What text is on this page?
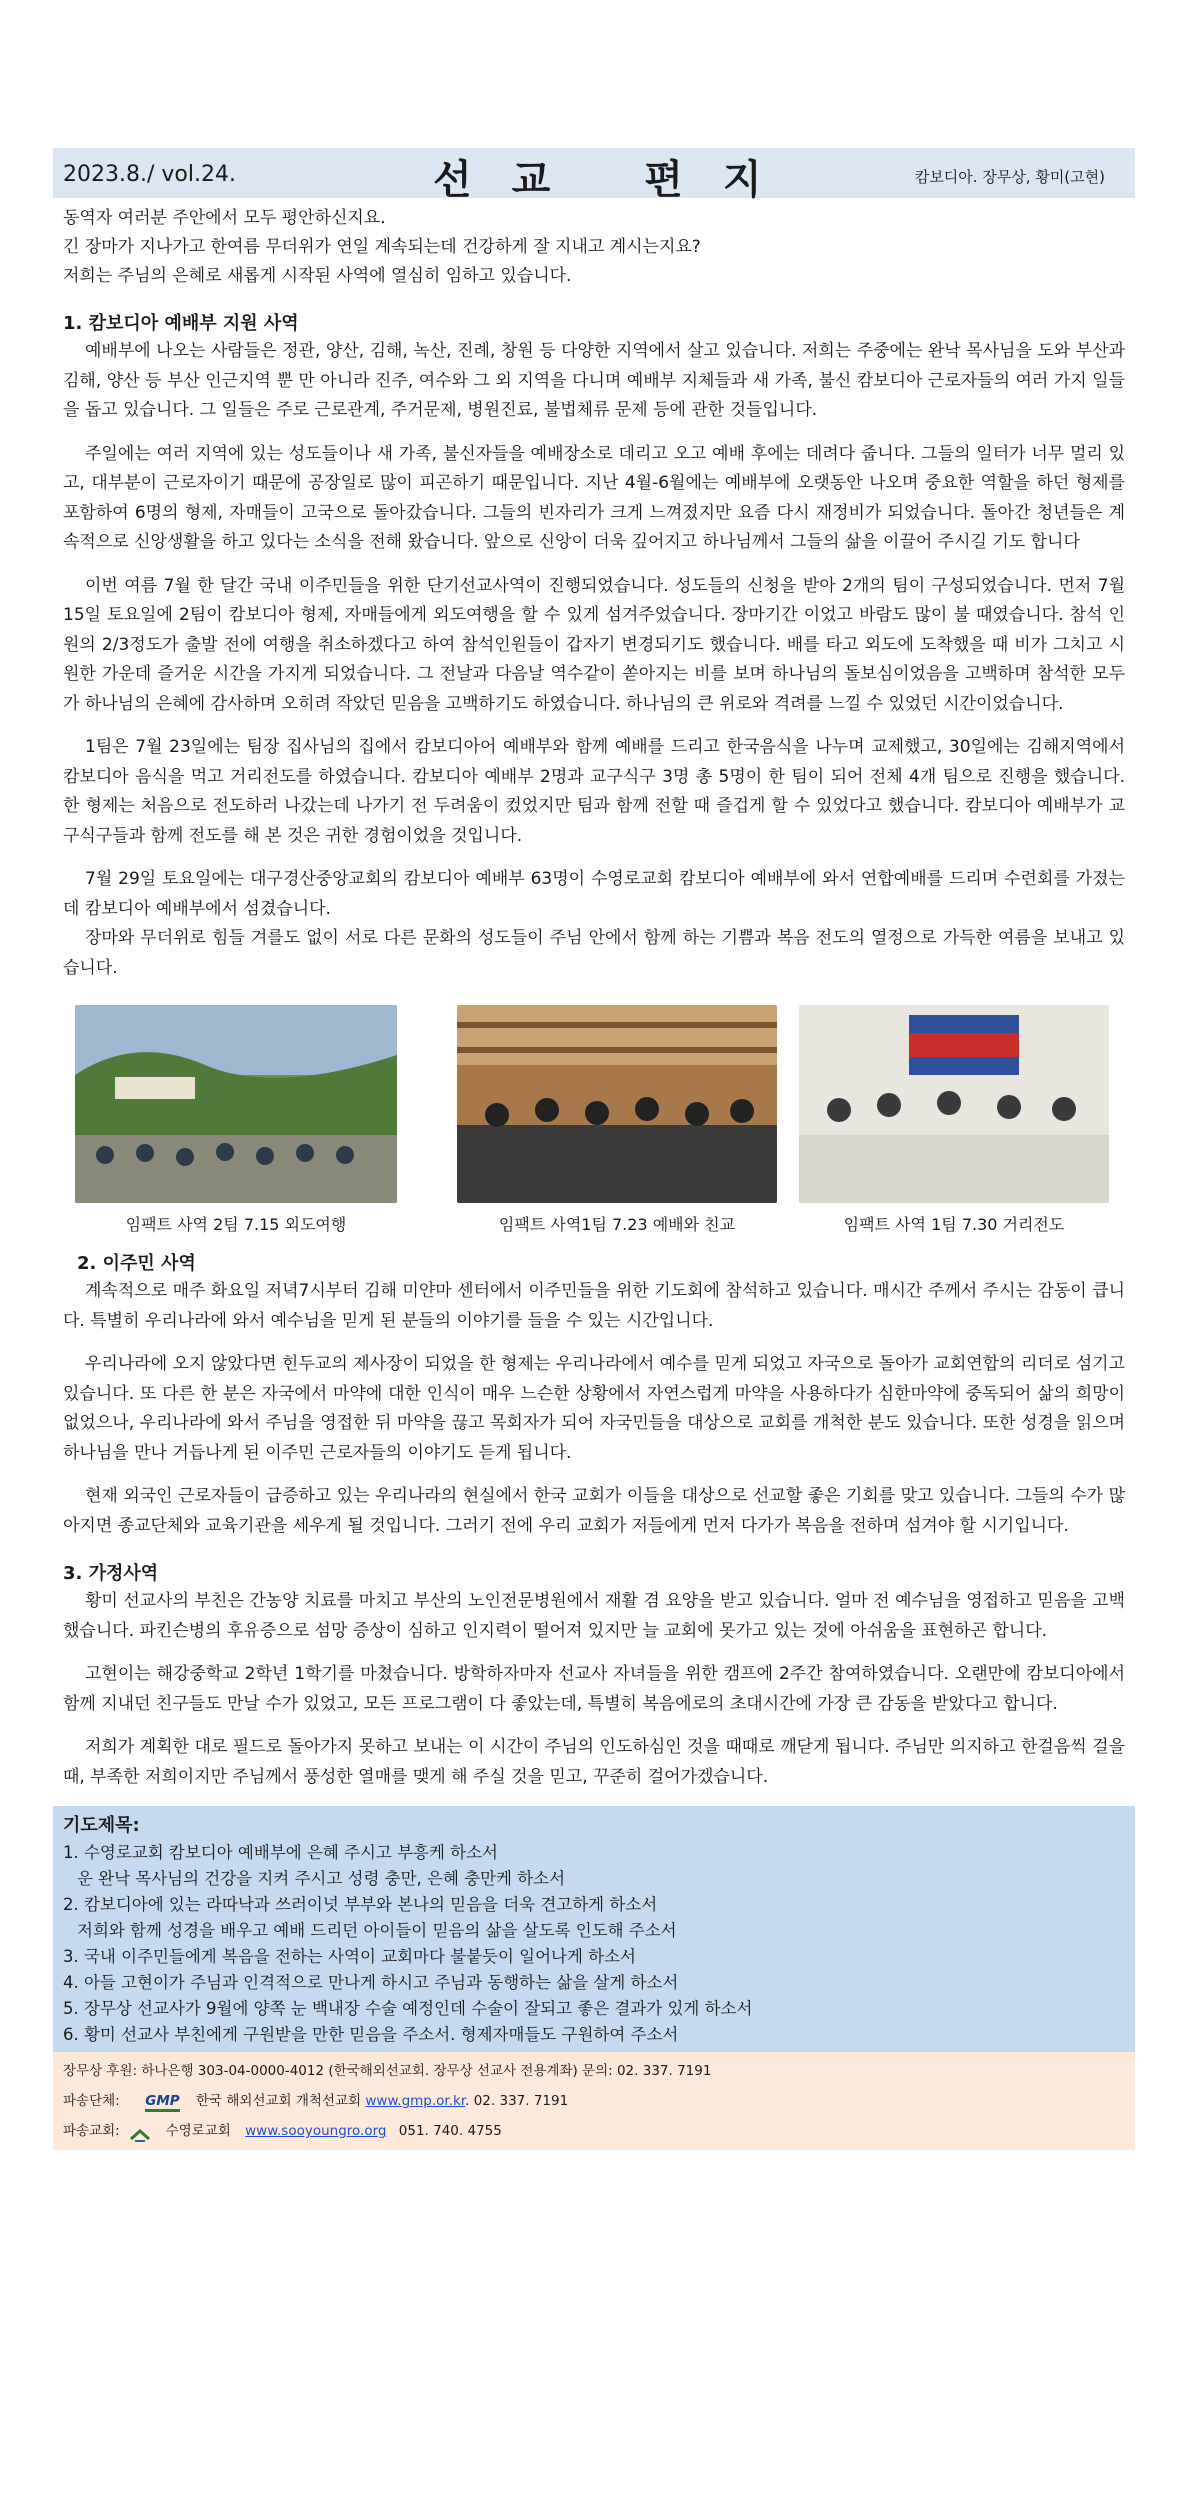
2023.8./ vol.24.	선교 편지	캄보디아. 장무상, 황미(고현)
동역자 여러분 주안에서 모두 평안하신지요.
긴 장마가 지나가고 한여름 무더위가 연일 계속되는데 건강하게 잘 지내고 계시는지요?
저희는 주님의 은혜로 새롭게 시작된 사역에 열심히 임하고 있습니다.
1. 캄보디아 예배부 지원 사역

예배부에 나오는 사람들은 정관, 양산, 김해, 녹산, 진례, 창원 등 다양한 지역에서 살고 있습니다. 저희는 주중에는 완낙 목사님을 도와 부산과 김해, 양산 등 부산 인근지역 뿐 만 아니라 진주, 여수와 그 외 지역을 다니며 예배부 지체들과 새 가족, 불신 캄보디아 근로자들의 여러 가지 일들을 돕고 있습니다. 그 일들은 주로 근로관계, 주거문제, 병원진료, 불법체류 문제 등에 관한 것들입니다.

주일에는 여러 지역에 있는 성도들이나 새 가족, 불신자들을 예배장소로 데리고 오고 예배 후에는 데려다 줍니다. 그들의 일터가 너무 멀리 있고, 대부분이 근로자이기 때문에 공장일로 많이 피곤하기 때문입니다. 지난 4월-6월에는 예배부에 오랫동안 나오며 중요한 역할을 하던 형제를 포함하여 6명의 형제, 자매들이 고국으로 돌아갔습니다. 그들의 빈자리가 크게 느껴졌지만 요즘 다시 재정비가 되었습니다. 돌아간 청년들은 계속적으로 신앙생활을 하고 있다는 소식을 전해 왔습니다. 앞으로 신앙이 더욱 깊어지고 하나님께서 그들의 삶을 이끌어 주시길 기도 합니다

이번 여름 7월 한 달간 국내 이주민들을 위한 단기선교사역이 진행되었습니다. 성도들의 신청을 받아 2개의 팀이 구성되었습니다. 먼저 7월 15일 토요일에 2팀이 캄보디아 형제, 자매들에게 외도여행을 할 수 있게 섬겨주었습니다. 장마기간 이었고 바람도 많이 불 때였습니다. 참석 인원의 2/3정도가 출발 전에 여행을 취소하겠다고 하여 참석인원들이 갑자기 변경되기도 했습니다. 배를 타고 외도에 도착했을 때 비가 그치고 시원한 가운데 즐거운 시간을 가지게 되었습니다. 그 전날과 다음날 역수같이 쏟아지는 비를 보며 하나님의 돌보심이었음을 고백하며 참석한 모두가 하나님의 은혜에 감사하며 오히려 작았던 믿음을 고백하기도 하였습니다. 하나님의 큰 위로와 격려를 느낄 수 있었던 시간이었습니다.

1팀은 7월 23일에는 팀장 집사님의 집에서 캄보디아어 예배부와 함께 예배를 드리고 한국음식을 나누며 교제했고, 30일에는 김해지역에서 캄보디아 음식을 먹고 거리전도를 하였습니다. 캄보디아 예배부 2명과 교구식구 3명 총 5명이 한 팀이 되어 전체 4개 팀으로 진행을 했습니다. 한 형제는 처음으로 전도하러 나갔는데 나가기 전 두려움이 컸었지만 팀과 함께 전할 때 즐겁게 할 수 있었다고 했습니다. 캄보디아 예배부가 교구식구들과 함께 전도를 해 본 것은 귀한 경험이었을 것입니다.

7월 29일 토요일에는 대구경산중앙교회의 캄보디아 예배부 63명이 수영로교회 캄보디아 예배부에 와서 연합예배를 드리며 수련회를 가졌는데 캄보디아 예배부에서 섬겼습니다.

장마와 무더위로 힘들 겨를도 없이 서로 다른 문화의 성도들이 주님 안에서 함께 하는 기쁨과 복음 전도의 열정으로 가득한 여름을 보내고 있습니다.

임팩트 사역 2팀 7.15 외도여행	임팩트 사역1팀 7.23 예배와 친교	임팩트 사역 1팀 7.30 거리전도
2. 이주민 사역

계속적으로 매주 화요일 저녁7시부터 김해 미얀마 센터에서 이주민들을 위한 기도회에 참석하고 있습니다. 매시간 주께서 주시는 감동이 큽니다. 특별히 우리나라에 와서 예수님을 믿게 된 분들의 이야기를 들을 수 있는 시간입니다.

우리나라에 오지 않았다면 힌두교의 제사장이 되었을 한 형제는 우리나라에서 예수를 믿게 되었고 자국으로 돌아가 교회연합의 리더로 섬기고 있습니다. 또 다른 한 분은 자국에서 마약에 대한 인식이 매우 느슨한 상황에서 자연스럽게 마약을 사용하다가 심한마약에 중독되어 삶의 희망이 없었으나, 우리나라에 와서 주님을 영접한 뒤 마약을 끊고 목회자가 되어 자국민들을 대상으로 교회를 개척한 분도 있습니다. 또한 성경을 읽으며 하나님을 만나 거듭나게 된 이주민 근로자들의 이야기도 듣게 됩니다.

현재 외국인 근로자들이 급증하고 있는 우리나라의 현실에서 한국 교회가 이들을 대상으로 선교할 좋은 기회를 맞고 있습니다. 그들의 수가 많아지면 종교단체와 교육기관을 세우게 될 것입니다. 그러기 전에 우리 교회가 저들에게 먼저 다가가 복음을 전하며 섬겨야 할 시기입니다.

3. 가정사역

황미 선교사의 부친은 간농양 치료를 마치고 부산의 노인전문병원에서 재활 겸 요양을 받고 있습니다. 얼마 전 예수님을 영접하고 믿음을 고백했습니다. 파킨슨병의 후유증으로 섬망 증상이 심하고 인지력이 떨어져 있지만 늘 교회에 못가고 있는 것에 아쉬움을 표현하곤 합니다.

고현이는 해강중학교 2학년 1학기를 마쳤습니다. 방학하자마자 선교사 자녀들을 위한 캠프에 2주간 참여하였습니다. 오랜만에 캄보디아에서 함께 지내던 친구들도 만날 수가 있었고, 모든 프로그램이 다 좋았는데, 특별히 복음에로의 초대시간에 가장 큰 감동을 받았다고 합니다.

저희가 계획한 대로 필드로 돌아가지 못하고 보내는 이 시간이 주님의 인도하심인 것을 때때로 깨닫게 됩니다. 주님만 의지하고 한걸음씩 걸을 때, 부족한 저희이지만 주님께서 풍성한 열매를 맺게 해 주실 것을 믿고, 꾸준히 걸어가겠습니다.

기도제목:
1. 수영로교회 캄보디아 예배부에 은혜 주시고 부흥케 하소서
운 완낙 목사님의 건강을 지켜 주시고 성령 충만, 은혜 충만케 하소서
2. 캄보디아에 있는 라따낙과 쓰러이넛 부부와 본나의 믿음을 더욱 견고하게 하소서
저희와 함께 성경을 배우고 예배 드리던 아이들이 믿음의 삶을 살도록 인도해 주소서
3. 국내 이주민들에게 복음을 전하는 사역이 교회마다 불붙듯이 일어나게 하소서
4. 아들 고현이가 주님과 인격적으로 만나게 하시고 주님과 동행하는 삶을 살게 하소서
5. 장무상 선교사가 9월에 양쪽 눈 백내장 수술 예정인데 수술이 잘되고 좋은 결과가 있게 하소서
6. 황미 선교사 부친에게 구원받을 만한 믿음을 주소서. 형제자매들도 구원하여 주소서
장무상 후원: 하나은행 303-04-0000-4012 (한국해외선교회. 장무상 선교사 전용계좌) 문의: 02. 337. 7191
파송단체: GMP 한국 해외선교회 개척선교회 www.gmp.or.kr. 02. 337. 7191
파송교회:	수영로교회 www.sooyoungro.org 051. 740. 4755
